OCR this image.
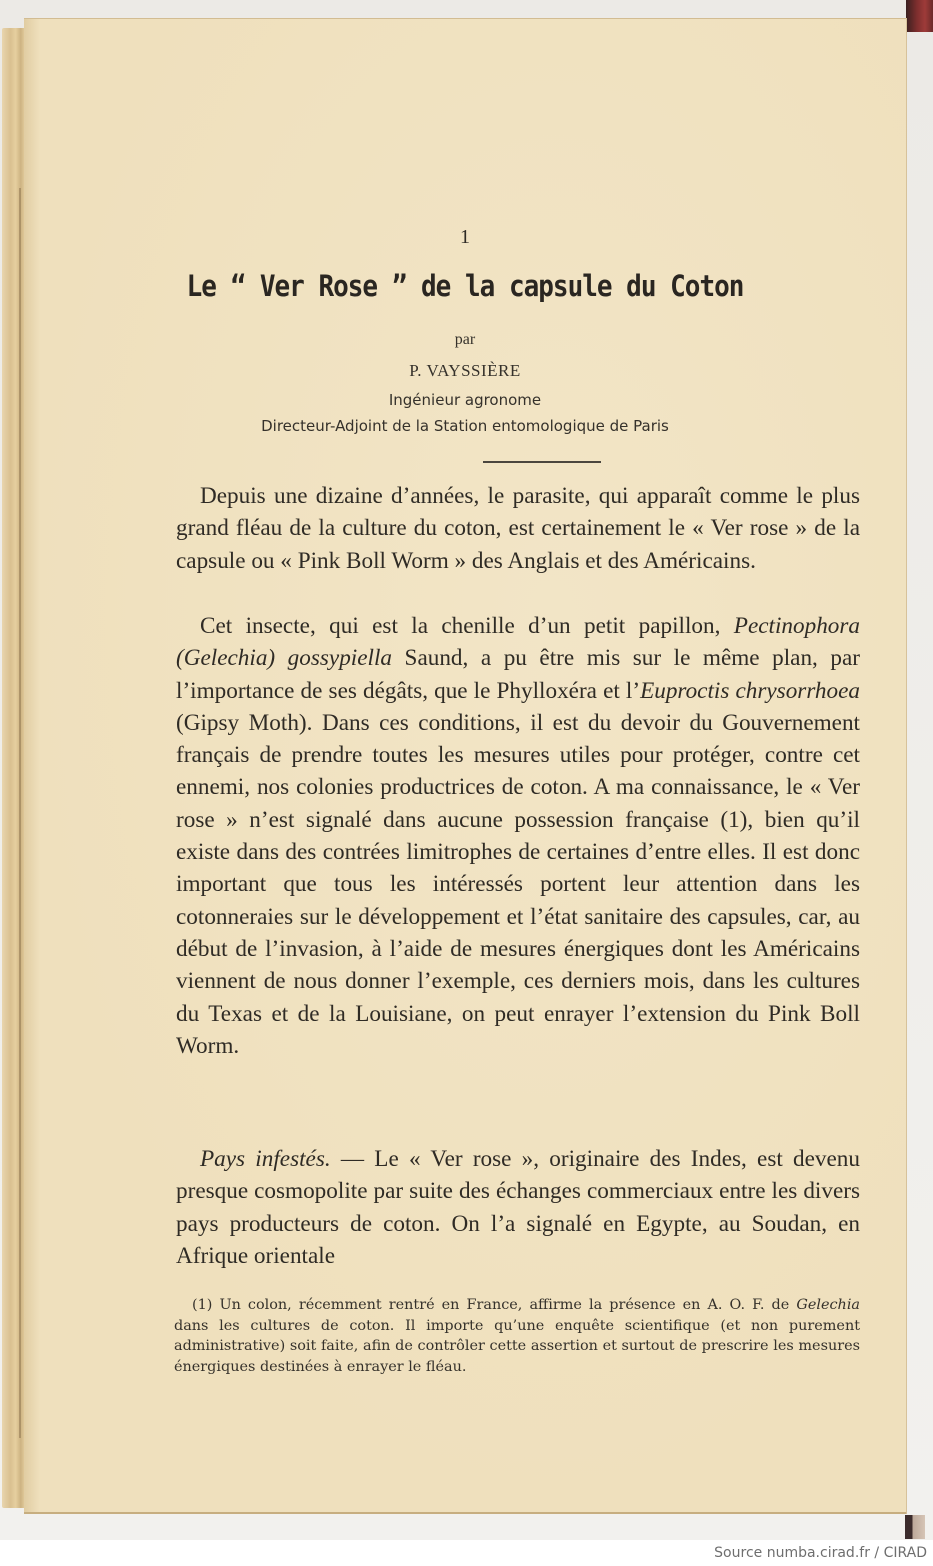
1
Le “ Ver Rose ” de la capsule du Coton
par
P. VAYSSIÈRE
Ingénieur agronome
Directeur-Adjoint de la Station entomologique de Paris

Depuis une dizaine d’années, le parasite, qui apparaît comme le plus grand fléau de la culture du coton, est certainement le « Ver rose » de la capsule ou « Pink Boll Worm » des Anglais et des Américains.

Cet insecte, qui est la chenille d’un petit papillon, Pectinophora (Gelechia) gossypiella Saund, a pu être mis sur le même plan, par l’importance de ses dégâts, que le Phylloxéra et l’Euproctis chrysorrhoea (Gipsy Moth). Dans ces conditions, il est du devoir du Gouvernement français de prendre toutes les mesures utiles pour protéger, contre cet ennemi, nos colonies productrices de coton. A ma connaissance, le « Ver rose » n’est signalé dans aucune possession française (1), bien qu’il existe dans des contrées limitrophes de certaines d’entre elles. Il est donc important que tous les intéressés portent leur attention dans les cotonneraies sur le développement et l’état sanitaire des capsules, car, au début de l’invasion, à l’aide de mesures énergiques dont les Américains viennent de nous donner l’exemple, ces derniers mois, dans les cultures du Texas et de la Louisiane, on peut enrayer l’extension du Pink Boll Worm.

Pays infestés. — Le « Ver rose », originaire des Indes, est devenu presque cosmopolite par suite des échanges commerciaux entre les divers pays producteurs de coton. On l’a signalé en Egypte, au Soudan, en Afrique orientale

(1) Un colon, récemment rentré en France, affirme la présence en A. O. F. de Gelechia dans les cultures de coton. Il importe qu’une enquête scientifique (et non purement administrative) soit faite, afin de contrôler cette assertion et surtout de prescrire les mesures énergiques destinées à enrayer le fléau.

Source numba.cirad.fr / CIRAD
